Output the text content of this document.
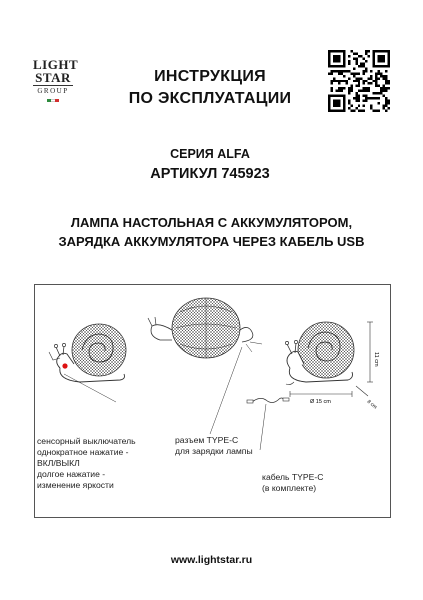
LIGHT
STAR
GROUP
ИНСТРУКЦИЯ
ПО ЭКСПЛУАТАЦИИ
СЕРИЯ ALFA
АРТИКУЛ 745923
ЛАМПА НАСТОЛЬНАЯ С АККУМУЛЯТОРОМ,
ЗАРЯДКА АККУМУЛЯТОРА ЧЕРЕЗ КАБЕЛЬ USB
11 cm
Ø 15 cm	8 cm
сенсорный выключатель
однократное нажатие -
ВКЛ/ВЫКЛ
долгое нажатие -
изменение яркости
разъем TYPE-C
для зарядки лампы
кабель TYPE-C
(в комплекте)
www.lightstar.ru
